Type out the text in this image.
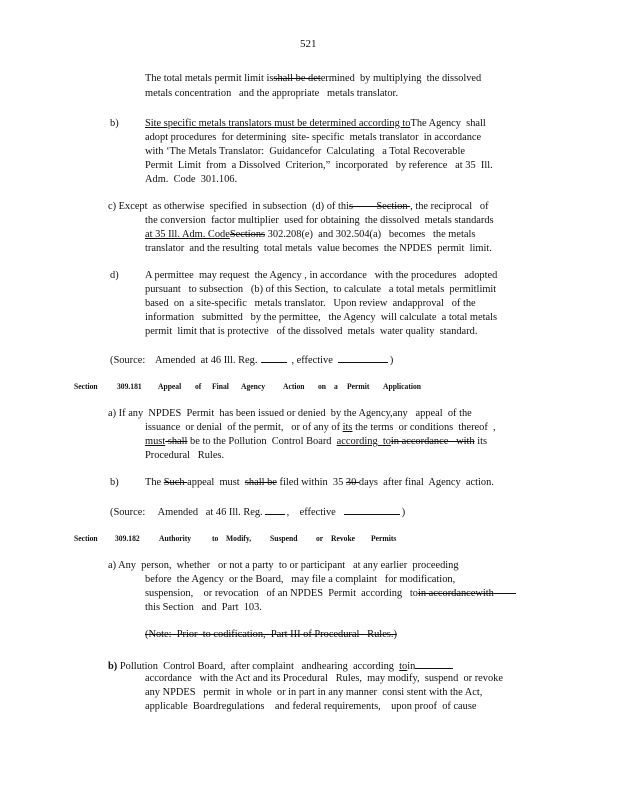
521
The total metals permit limit isshall be determined  by multiplying  the dissolved
metals concentration   and the appropriate   metals translator.
b)	Site specific metals translators must be determined according toThe Agency  shall
adopt procedures  for determining  site- specific  metals translator  in accordance
with ‘The Metals Translator:  Guidancefor  Calculating   a Total Recoverable
Permit  Limit  from  a Dissolved  Criterion,”  incorporated   by reference   at 35  Ill.
Adm.  Code  301.106.
c) Except  as otherwise  specified  in subsection  (d) of this         Section , the reciprocal   of
the conversion  factor multiplier  used for obtaining  the dissolved  metals standards
at 35 Ill. Adm. CodeSections 302.208(e)  and 302.504(a)   becomes   the metals
translator  and the resulting  total metals  value becomes  the NPDES  permit  limit.
d)	A permittee  may request  the Agency , in accordance   with the procedures   adopted
pursuant   to subsection   (b) of this Section,  to calculate   a total metals  permitlimit
based  on  a site-specific   metals translator.   Upon review  andapproval   of the
information   submitted   by the permittee,   the Agency  will calculate  a total metals
permit  limit that is protective   of the dissolved  metals  water quality  standard.
(Source:    Amended  at 46 Ill. Reg.	, effective	)
Section	309.181 Appeal of Final Agency Action on a Permit Application
a) If any  NPDES  Permit  has been issued or denied  by the Agency,any   appeal  of the
issuance  or denial  of the permit,   or of any of its the terms  or conditions  thereof  ,
must shall be to the Pollution  Control Board  according  toin accordance   with its
Procedural   Rules.
b)	The Such appeal  must  shall be filed within  35 30 days  after final  Agency  action.
(Source:     Amended   at 46 Ill. Reg. ,    effective	)
Section 309.182	Authority	to Modify, Suspend or Revoke Permits
a) Any  person,  whether   or not a party  to or participant   at any earlier  proceeding
before  the Agency  or the Board,   may file a complaint   for modification,
suspension,    or revocation   of an NPDES  Permit  according   toin accordancewith
this Section   and  Part  103.
(Note:  Prior  to codification,  Part III of Procedural   Rules.)
b) Pollution  Control Board,  after complaint   andhearing  according  toin
accordance   with the Act and its Procedural   Rules,  may modify,  suspend  or revoke
any NPDES   permit  in whole  or in part in any manner  consi stent with the Act,
applicable  Boardregulations    and federal requirements,    upon proof  of cause
